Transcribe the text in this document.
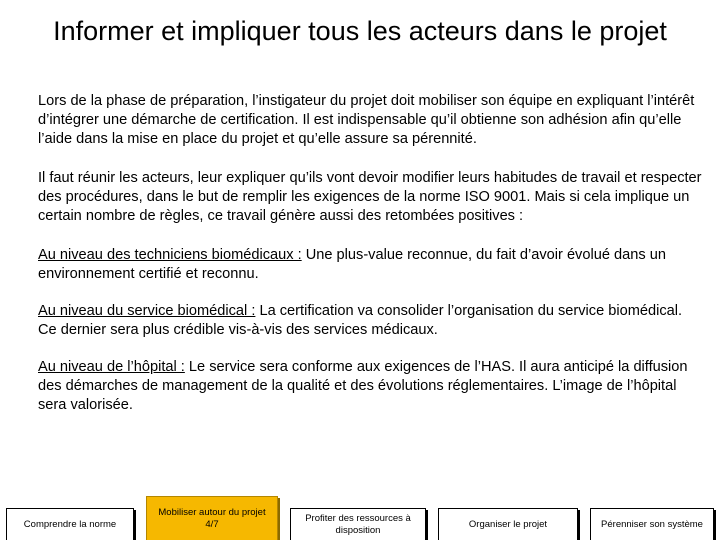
Informer et impliquer tous les acteurs dans le projet

Lors de la phase de préparation, l’instigateur du projet doit mobiliser son équipe en expliquant l’intérêt d’intégrer une démarche de certification. Il est indispensable qu’il obtienne son adhésion afin qu’elle l’aide dans la mise en place du projet et qu’elle assure sa pérennité.

Il faut réunir les acteurs, leur expliquer qu’ils vont devoir modifier leurs habitudes de travail et respecter des procédures, dans le but de remplir les exigences de la norme ISO 9001. Mais si cela implique un certain nombre de règles, ce travail génère aussi des retombées positives :

Au niveau des techniciens biomédicaux : Une plus-value reconnue, du fait d’avoir évolué dans un environnement certifié et reconnu.

Au niveau du service biomédical : La certification va consolider l’organisation du service biomédical. Ce dernier sera plus crédible vis-à-vis des services médicaux.

Au niveau de l’hôpital : Le service sera conforme aux exigences de l’HAS. Il aura anticipé la diffusion des démarches de management de la qualité et des évolutions réglementaires. L’image de l’hôpital sera valorisée.

Comprendre la norme
Mobiliser autour du projet 4/7
Profiter des ressources à disposition
Organiser le projet	Pérenniser son système
